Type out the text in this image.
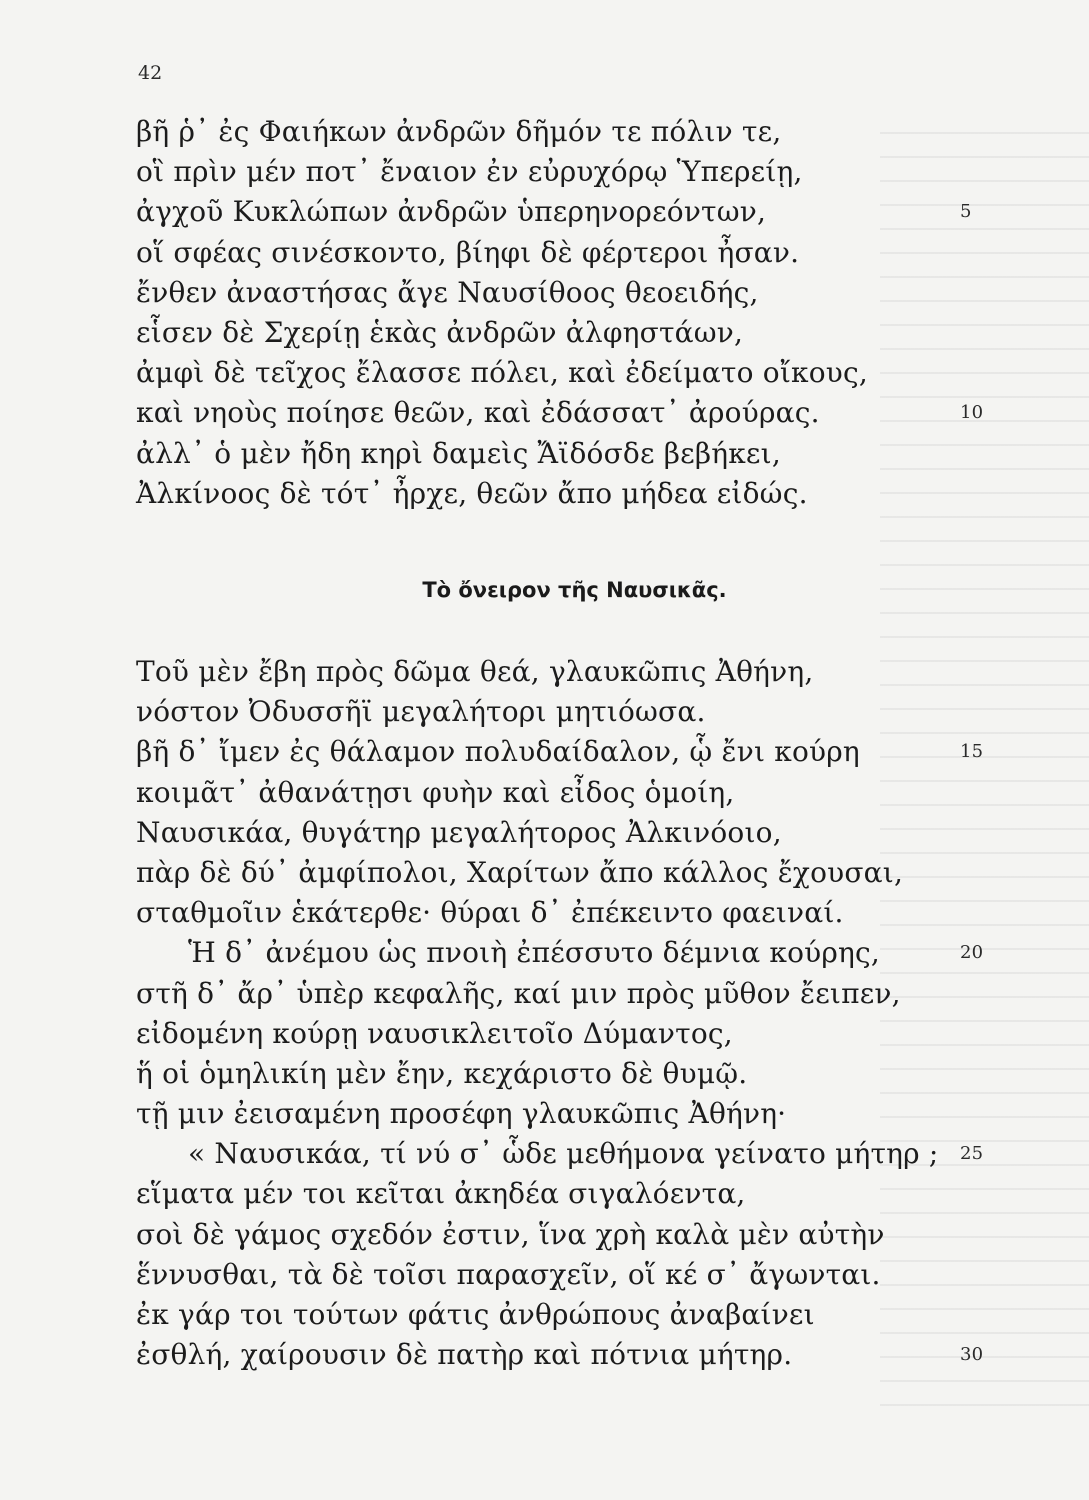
42
βῆ ῥ᾽ ἐς Φαιήκων ἀνδρῶν δῆμόν τε πόλιν τε,
οἳ πρὶν μέν ποτ᾽ ἔναιον ἐν εὐρυχόρῳ Ὑπερείῃ,
ἀγχοῦ Κυκλώπων ἀνδρῶν ὑπερηνορεόντων,	5
οἵ σφέας σινέσκοντο, βίηφι δὲ φέρτεροι ἦσαν.
ἔνθεν ἀναστήσας ἄγε Ναυσίθοος θεοειδής,
εἷσεν δὲ Σχερίῃ ἑκὰς ἀνδρῶν ἀλφηστάων,
ἀμφὶ δὲ τεῖχος ἔλασσε πόλει, καὶ ἐδείματο οἴκους,
καὶ νηοὺς ποίησε θεῶν, καὶ ἐδάσσατ᾽ ἀρούρας.	10
ἀλλ᾽ ὁ μὲν ἤδη κηρὶ δαμεὶς Ἄϊδόσδε βεβήκει,
Ἀλκίνοος δὲ τότ᾽ ἦρχε, θεῶν ἄπο μήδεα εἰδώς.
Τὸ ὄνειρον τῆς Ναυσικᾶς.
Τοῦ μὲν ἔβη πρὸς δῶμα θεά, γλαυκῶπις Ἀθήνη,
νόστον Ὀδυσσῆϊ μεγαλήτορι μητιόωσα.
βῆ δ᾽ ἴμεν ἐς θάλαμον πολυδαίδαλον, ᾧ ἔνι κούρη	15
κοιμᾶτ᾽ ἀθανάτῃσι φυὴν καὶ εἶδος ὁμοίη,
Ναυσικάα, θυγάτηρ μεγαλήτορος Ἀλκινόοιο,
πὰρ δὲ δύ᾽ ἀμφίπολοι, Χαρίτων ἄπο κάλλος ἔχουσαι,
σταθμοῖιν ἑκάτερθε· θύραι δ᾽ ἐπέκειντο φαειναί.
Ἡ δ᾽ ἀνέμου ὡς πνοιὴ ἐπέσσυτο δέμνια κούρης,	20
στῆ δ᾽ ἄρ᾽ ὑπὲρ κεφαλῆς, καί μιν πρὸς μῦθον ἔειπεν,
εἰδομένη κούρῃ ναυσικλειτοῖο Δύμαντος,
ἥ οἱ ὁμηλικίη μὲν ἔην, κεχάριστο δὲ θυμῷ.
τῇ μιν ἐεισαμένη προσέφη γλαυκῶπις Ἀθήνη·
« Ναυσικάα, τί νύ σ᾽ ὧδε μεθήμονα γείνατο μήτηρ ; 25
εἵματα μέν τοι κεῖται ἀκηδέα σιγαλόεντα,
σοὶ δὲ γάμος σχεδόν ἐστιν, ἵνα χρὴ καλὰ μὲν αὐτὴν
ἕννυσθαι, τὰ δὲ τοῖσι παρασχεῖν, οἵ κέ σ᾽ ἄγωνται.
ἐκ γάρ τοι τούτων φάτις ἀνθρώπους ἀναβαίνει
ἐσθλή, χαίρουσιν δὲ πατὴρ καὶ πότνια μήτηρ.	30
